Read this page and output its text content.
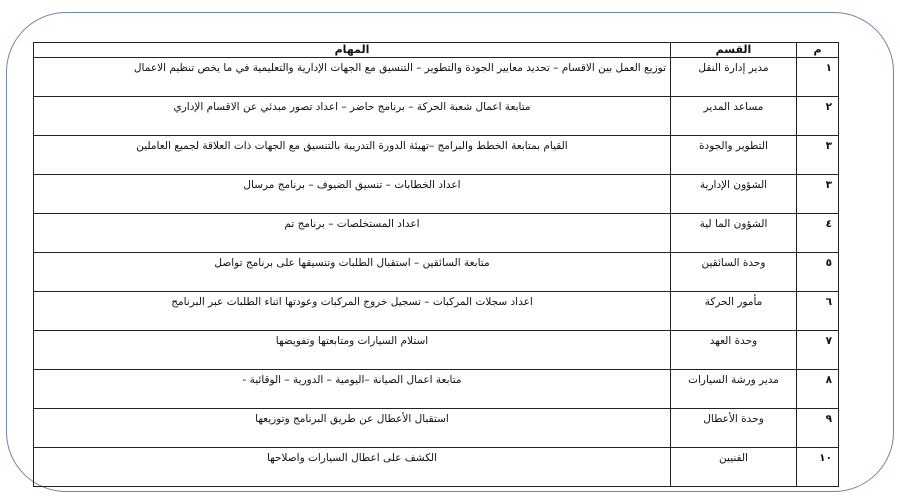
م	القسم	المهام
١	مدير إدارة النقل	توزيع العمل بين الاقسام – تحديد معايير الجودة والتطوير – التنسيق مع الجهات الإدارية والتعليمية في ما يخص تنظيم الاعمال
٢	مساعد المدير	متابعة اعمال شعبة الحركة – برنامج حاضر – اعداد تصور مبدئي عن الاقسام الإداري
٣	التطوير والجودة	القيام بمتابعة الخطط والبرامج –تهيئة الدورة التدريبة بالتنسيق مع الجهات ذات العلاقة لجميع العاملين
٣	الشؤون الإدارية	اعداد الخطابات – تنسيق الضيوف – برنامج مرسال
٤	الشؤون الما لية	اعداد المستخلصات – برنامج تم
٥	وحدة السائقين	متابعة السائقين – استقبال الطلبات وتنسيقها على برنامج تواصل
٦	مأمور الحركة	اعداد سجلات المركبات – تسجيل خروج المركبات وعودتها اثناء الطلبات عبر البرنامج
٧	وحدة العهد	استلام السيارات ومتابعتها وتفويضها
٨	مدير ورشة السيارات	متابعة اعمال الصيانة –اليومية – الدورية – الوقائية -
٩	وحدة الأعطال	استقبال الأعطال عن طريق البرنامج وتوزيعها
١٠	الفنيين	الكشف على اعطال السيارات واصلاحها
